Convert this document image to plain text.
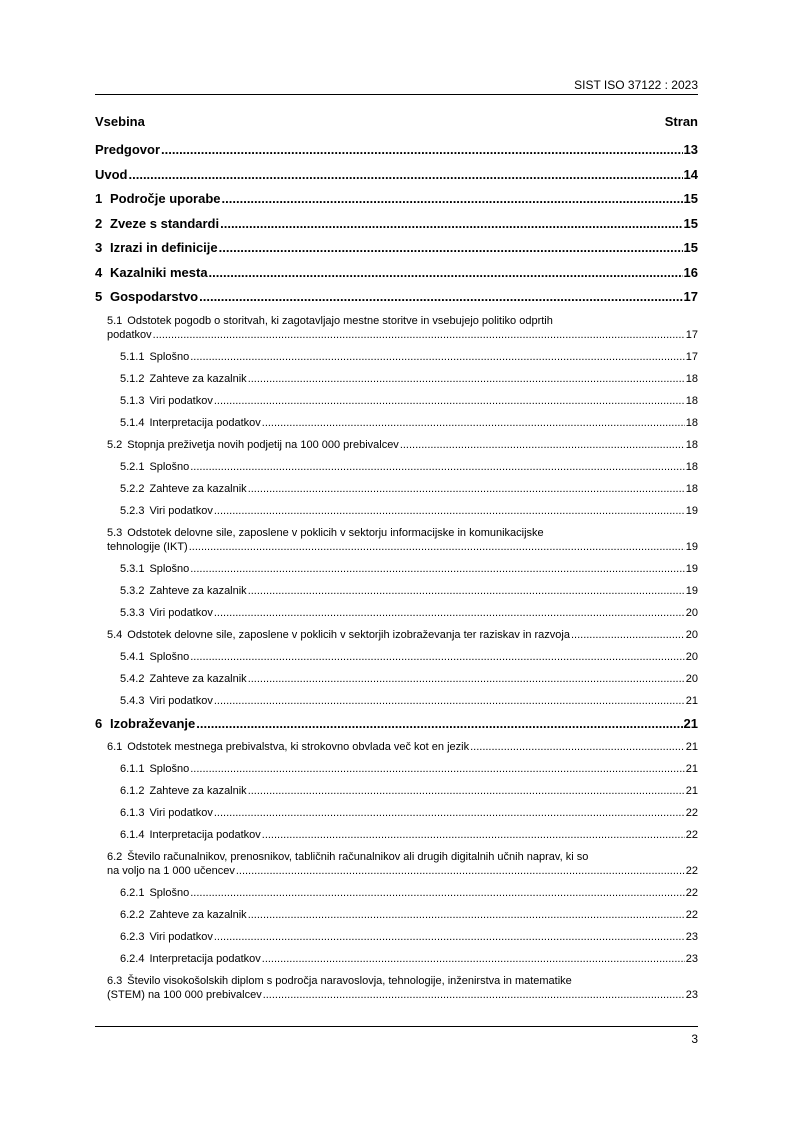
SIST ISO 37122 : 2023
Vsebina	Stran
Predgovor .....	13
Uvod .....	14
1 Področje uporabe .....	15
2 Zveze s standardi .....	15
3 Izrazi in definicije .....	15
4 Kazalniki mesta .....	16
5 Gospodarstvo .....	17
5.1 Odstotek pogodb o storitvah, ki zagotavljajo mestne storitve in vsebujejo politiko odprtih
podatkov .....	17
5.1.1 Splošno .....	17
5.1.2 Zahteve za kazalnik .....	18
5.1.3 Viri podatkov .....	18
5.1.4 Interpretacija podatkov .....	18
5.2 Stopnja preživetja novih podjetij na 100 000 prebivalcev .....	18
5.2.1 Splošno .....	18
5.2.2 Zahteve za kazalnik .....	18
5.2.3 Viri podatkov .....	19
5.3 Odstotek delovne sile, zaposlene v poklicih v sektorju informacijske in komunikacijske
tehnologije (IKT) .....	19
5.3.1 Splošno .....	19
5.3.2 Zahteve za kazalnik .....	19
5.3.3 Viri podatkov .....	20
5.4 Odstotek delovne sile, zaposlene v poklicih v sektorjih izobraževanja ter raziskav in razvoja .....	20
5.4.1 Splošno .....	20
5.4.2 Zahteve za kazalnik .....	20
5.4.3 Viri podatkov .....	21
6 Izobraževanje .....	21
6.1 Odstotek mestnega prebivalstva, ki strokovno obvlada več kot en jezik .....	21
6.1.1 Splošno .....	21
6.1.2 Zahteve za kazalnik .....	21
6.1.3 Viri podatkov .....	22
6.1.4 Interpretacija podatkov .....	22
6.2 Število računalnikov, prenosnikov, tabličnih računalnikov ali drugih digitalnih učnih naprav, ki so
na voljo na 1 000 učencev .....	22
6.2.1 Splošno .....	22
6.2.2 Zahteve za kazalnik .....	22
6.2.3 Viri podatkov .....	23
6.2.4 Interpretacija podatkov .....	23
6.3 Število visokošolskih diplom s področja naravoslovja, tehnologije, inženirstva in matematike
(STEM) na 100 000 prebivalcev .....	23
3
